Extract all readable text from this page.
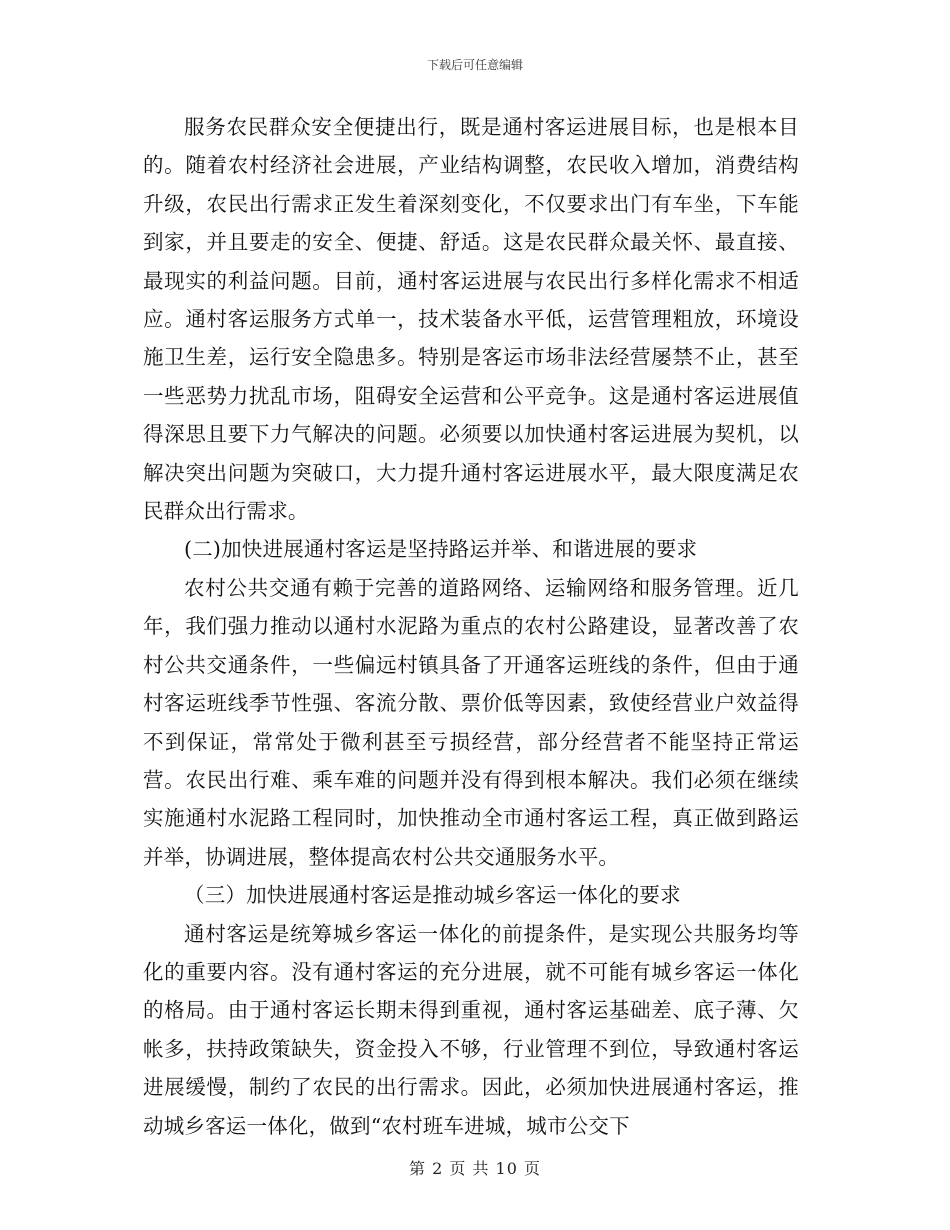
下载后可任意编辑

服务农民群众安全便捷出行，既是通村客运进展目标，也是根本目的。随着农村经济社会进展，产业结构调整，农民收入增加，消费结构升级，农民出行需求正发生着深刻变化，不仅要求出门有车坐，下车能到家，并且要走的安全、便捷、舒适。这是农民群众最关怀、最直接、最现实的利益问题。目前，通村客运进展与农民出行多样化需求不相适应。通村客运服务方式单一，技术装备水平低，运营管理粗放，环境设施卫生差，运行安全隐患多。特别是客运市场非法经营屡禁不止，甚至一些恶势力扰乱市场，阻碍安全运营和公平竞争。这是通村客运进展值得深思且要下力气解决的问题。必须要以加快通村客运进展为契机，以解决突出问题为突破口，大力提升通村客运进展水平，最大限度满足农民群众出行需求。

(二)加快进展通村客运是坚持路运并举、和谐进展的要求

农村公共交通有赖于完善的道路网络、运输网络和服务管理。近几年，我们强力推动以通村水泥路为重点的农村公路建设，显著改善了农村公共交通条件，一些偏远村镇具备了开通客运班线的条件，但由于通村客运班线季节性强、客流分散、票价低等因素，致使经营业户效益得不到保证，常常处于微利甚至亏损经营，部分经营者不能坚持正常运营。农民出行难、乘车难的问题并没有得到根本解决。我们必须在继续实施通村水泥路工程同时，加快推动全市通村客运工程，真正做到路运并举，协调进展，整体提高农村公共交通服务水平。

（三）加快进展通村客运是推动城乡客运一体化的要求

通村客运是统筹城乡客运一体化的前提条件，是实现公共服务均等化的重要内容。没有通村客运的充分进展，就不可能有城乡客运一体化的格局。由于通村客运长期未得到重视，通村客运基础差、底子薄、欠帐多，扶持政策缺失，资金投入不够，行业管理不到位，导致通村客运进展缓慢，制约了农民的出行需求。因此，必须加快进展通村客运，推动城乡客运一体化，做到“农村班车进城，城市公交下

第 2 页 共 10 页
